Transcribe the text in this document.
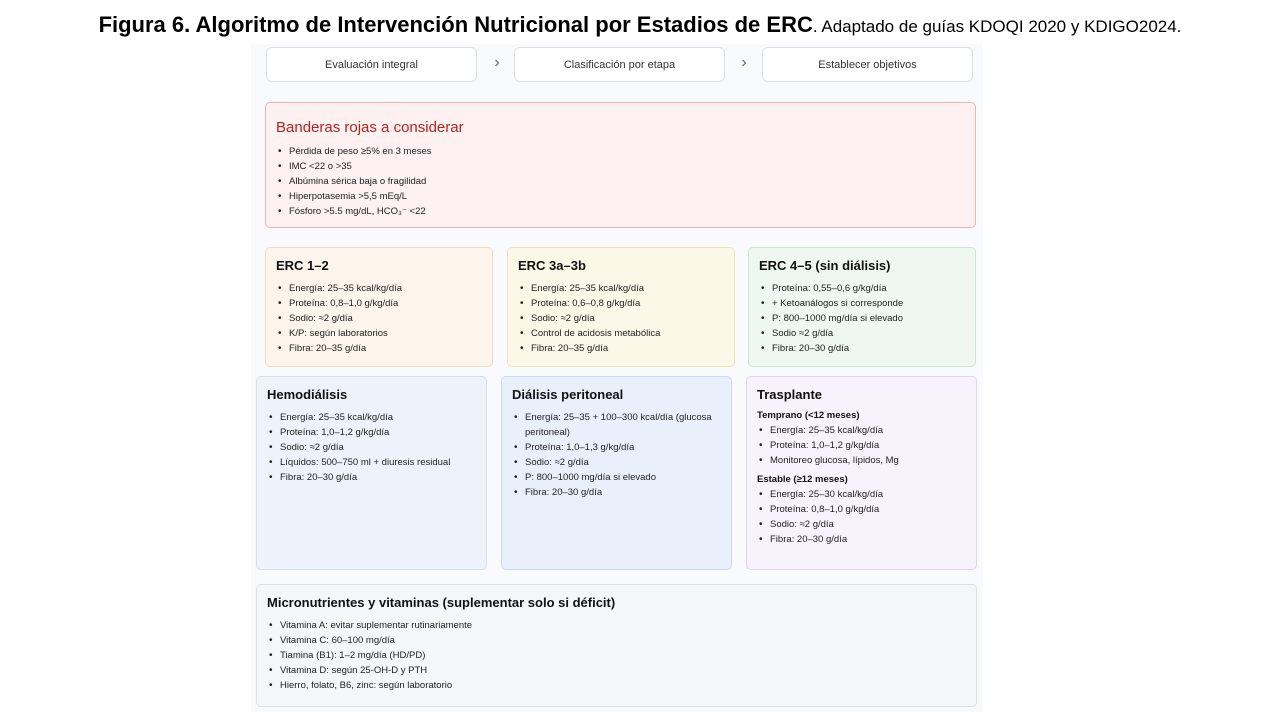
Figura 6. Algoritmo de Intervención Nutricional por Estadios de ERC. Adaptado de guías KDOQI 2020 y KDIGO2024.
Evaluación integral	›	Clasificación por etapa	›	Establecer objetivos
Banderas rojas a considerar
• Pérdida de peso ≥5% en 3 meses
• IMC <22 o >35
• Albúmina sérica baja o fragilidad
• Hiperpotasemia >5,5 mEq/L
• Fósforo >5.5 mg/dL, HCO₃⁻ <22
ERC 1–2
• Energía: 25–35 kcal/kg/día
• Proteína: 0,8–1,0 g/kg/día
• Sodio: ≈2 g/día
• K/P: según laboratorios
• Fibra: 20–35 g/día
ERC 3a–3b
• Energía: 25–35 kcal/kg/día
• Proteína: 0,6–0,8 g/kg/día
• Sodio: ≈2 g/día
• Control de acidosis metabólica
• Fibra: 20–35 g/día
ERC 4–5 (sin diálisis)
• Proteína: 0,55–0,6 g/kg/día
• + Ketoanálogos si corresponde
• P: 800–1000 mg/día si elevado
• Sodio ≈2 g/día
• Fibra: 20–30 g/día
Hemodiálisis
• Energía: 25–35 kcal/kg/día
• Proteína: 1,0–1,2 g/kg/día
• Sodio: ≈2 g/día
• Líquidos: 500–750 ml + diuresis residual
• Fibra: 20–30 g/día
Diálisis peritoneal
• Energía: 25–35 + 100–300 kcal/día (glucosa peritoneal)
• Proteína: 1,0–1,3 g/kg/día
• Sodio: ≈2 g/día
• P: 800–1000 mg/día si elevado
• Fibra: 20–30 g/día
Trasplante
Temprano (<12 meses)
• Energía: 25–35 kcal/kg/día
• Proteína: 1,0–1,2 g/kg/día
• Monitoreo glucosa, lípidos, Mg
Estable (≥12 meses)
• Energía: 25–30 kcal/kg/día
• Proteína: 0,8–1,0 g/kg/día
• Sodio: ≈2 g/día
• Fibra: 20–30 g/día
Micronutrientes y vitaminas (suplementar solo si déficit)
• Vitamina A: evitar suplementar rutinariamente
• Vitamina C: 60–100 mg/día
• Tiamina (B1): 1–2 mg/día (HD/PD)
• Vitamina D: según 25-OH-D y PTH
• Hierro, folato, B6, zinc: según laboratorio
